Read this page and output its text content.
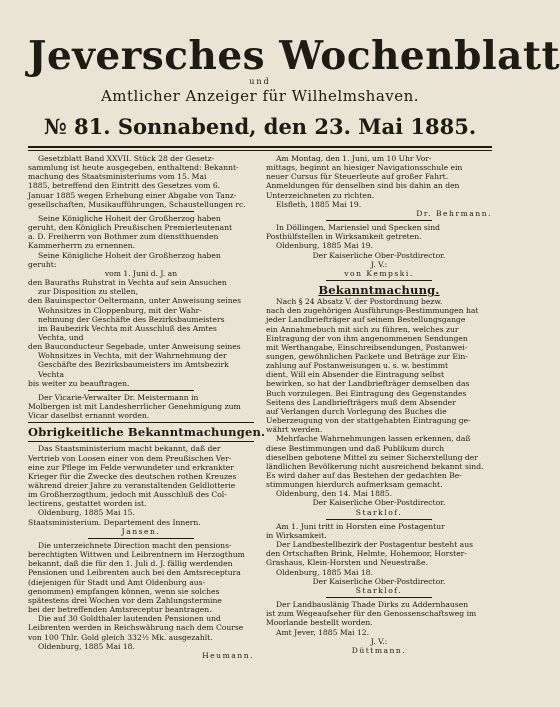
Jeversches Wochenblatt
und
Amtlicher Anzeiger für Wilhelmshaven.
№ 81. Sonnabend, den 23. Mai 1885.

Gesetzblatt Band XXVII. Stück 28 der Gesetz-

sammlung ist heute ausgegeben, enthaltend: Bekannt-

machung des Staatsministeriums vom 15. Mai

1885, betreffend den Eintritt des Gesetzes vom 6.

Januar 1885 wegen Erhebung einer Abgabe von Tanz-

gesellschaften, Musikaufführungen, Schaustellungen rc.

Seine Königliche Hoheit der Großherzog haben

geruht, den Königlich Preußischen Premierleutenant

a. D. Freiherrn von Bothmer zum dienstthuenden

Kammerherrn zu ernennen.

Seine Königliche Hoheit der Großherzog haben

geruht:

vom 1. Juni d. J. an

den Bauraths Ruhstrat in Vechta auf sein Ansuchen

zur Disposition zu stellen,

den Bauinspector Oeltermann, unter Anweisung seines

Wohnsitzes in Cloppenburg, mit der Wahr-

nehmung der Geschäfte des Bezirksbaumeisters

im Baubezirk Vechta mit Ausschluß des Amtes

Vechta, und

den Bauconducteur Segebade, unter Anweisung seines

Wohnsitzes in Vechta, mit der Wahrnehmung der

Geschäfte des Bezirksbaumeisters im Amtsbezirk

Vechta

bis weiter zu beauftragen.

Der Vicarie-Verwalter Dr. Meistermann in

Molbergen ist mit Landesherrlicher Genehmigung zum

Vicar daselbst ernannt worden.

Obrigkeitliche Bekanntmachungen.

Das Staatsministerium macht bekannt, daß der

Vertrieb von Loosen einer von dem Preußischen Ver-

eine zur Pflege im Felde verwundeter und erkrankter

Krieger für die Zwecke des deutschen rothen Kreuzes

während dreier Jahre zu veranstaltenden Geldlotterie

im Großherzogthum, jedoch mit Ausschluß des Col-

lectirens, gestattet worden ist.

Oldenburg, 1885 Mai 15.

Staatsministerium. Departement des Innern.

Jansen.

Die unterzeichnete Direction macht den pensions-

berechtigten Wittwen und Leibrentnern im Herzogthum

bekannt, daß die für den 1. Juli d. J. fällig werdenden

Pensionen und Leibrenten auch bei den Amtsreceptura

(diejenigen für Stadt und Amt Oldenburg aus-

genommen) empfangen können, wenn sie solches

spätestens drei Wochen vor dem Zahlungstermine

bei der betreffenden Amtsreceptur beantragen.

Die auf 30 Goldthaler lautenden Pensionen und

Leibrenten werden in Reichswährung nach dem Course

von 100 Thlr. Gold gleich 332½ Mk. ausgezahlt.

Oldenburg, 1885 Mai 18.

Heumann.

Am Montag, den 1. Juni, um 10 Uhr Vor-

mittags, beginnt an hiesiger Navigationsschule ein

neuer Cursus für Steuerleute auf großer Fahrt.

Anmeldungen für denselben sind bis dahin an den

Unterzeichneten zu richten.

Elsfleth, 1885 Mai 19.

Dr. Behrmann.

In Döllingen, Mariensiel und Specken sind

Posthülfstellen in Wirksamkeit getreten.

Oldenburg, 1885 Mai 19.

Der Kaiserliche Ober-Postdirector.

J. V.:

von Kempski.

Bekanntmachung.

Nach § 24 Absatz V. der Postordnung bezw.

nach den zugehörigen Ausführungs-Bestimmungen hat

jeder Landbriefträger auf seinem Bestellungsgange

ein Annahmebuch mit sich zu führen, welches zur

Eintragung der von ihm angenommenen Sendungen

mit Werthangabe, Einschreibsendungen, Postanwei-

sungen, gewöhnlichen Packete und Beträge zur Ein-

zahlung auf Postanweisungen u. s. w. bestimmt

dient. Will ein Absender die Eintragung selbst

bewirken, so hat der Landbriefträger demselben das

Buch vorzulegen. Bei Eintragung des Gegenstandes

Seitens des Landbriefträgers muß dem Absender

auf Verlangen durch Vorlegung des Buches die

Ueberzeugung von der stattgehabten Eintragung ge-

währt werden.

Mehrfache Wahrnehmungen lassen erkennen, daß

diese Bestimmungen und daß Publikum durch

dieselben gebotene Mittel zu seiner Sicherstellung der

ländlichen Bevölkerung nicht ausreichend bekannt sind.

Es wird daher auf das Bestehen der gedachten Be-

stimmungen hierdurch aufmerksam gemacht.

Oldenburg, den 14. Mai 1885.

Der Kaiserliche Ober-Postdirector.

Starklof.

Am 1. Juni tritt in Horsten eine Postagentur

in Wirksamkeit.

Der Landbestellbezirk der Postagentur besteht aus

den Ortschaften Brink, Helmte, Hohemoor, Horster-

Grashaus, Klein-Horsten und Neuestraße.

Oldenburg, 1885 Mai 18.

Der Kaiserliche Ober-Postdirector.

Starklof.

Der Landbauslänig Thade Dirks zu Addernhausen

ist zum Wegeaufseher für den Genossenschaftsweg im

Moorlande bestellt worden.

Amt Jever, 1885 Mai 12.

J. V.:

Düttmann.
